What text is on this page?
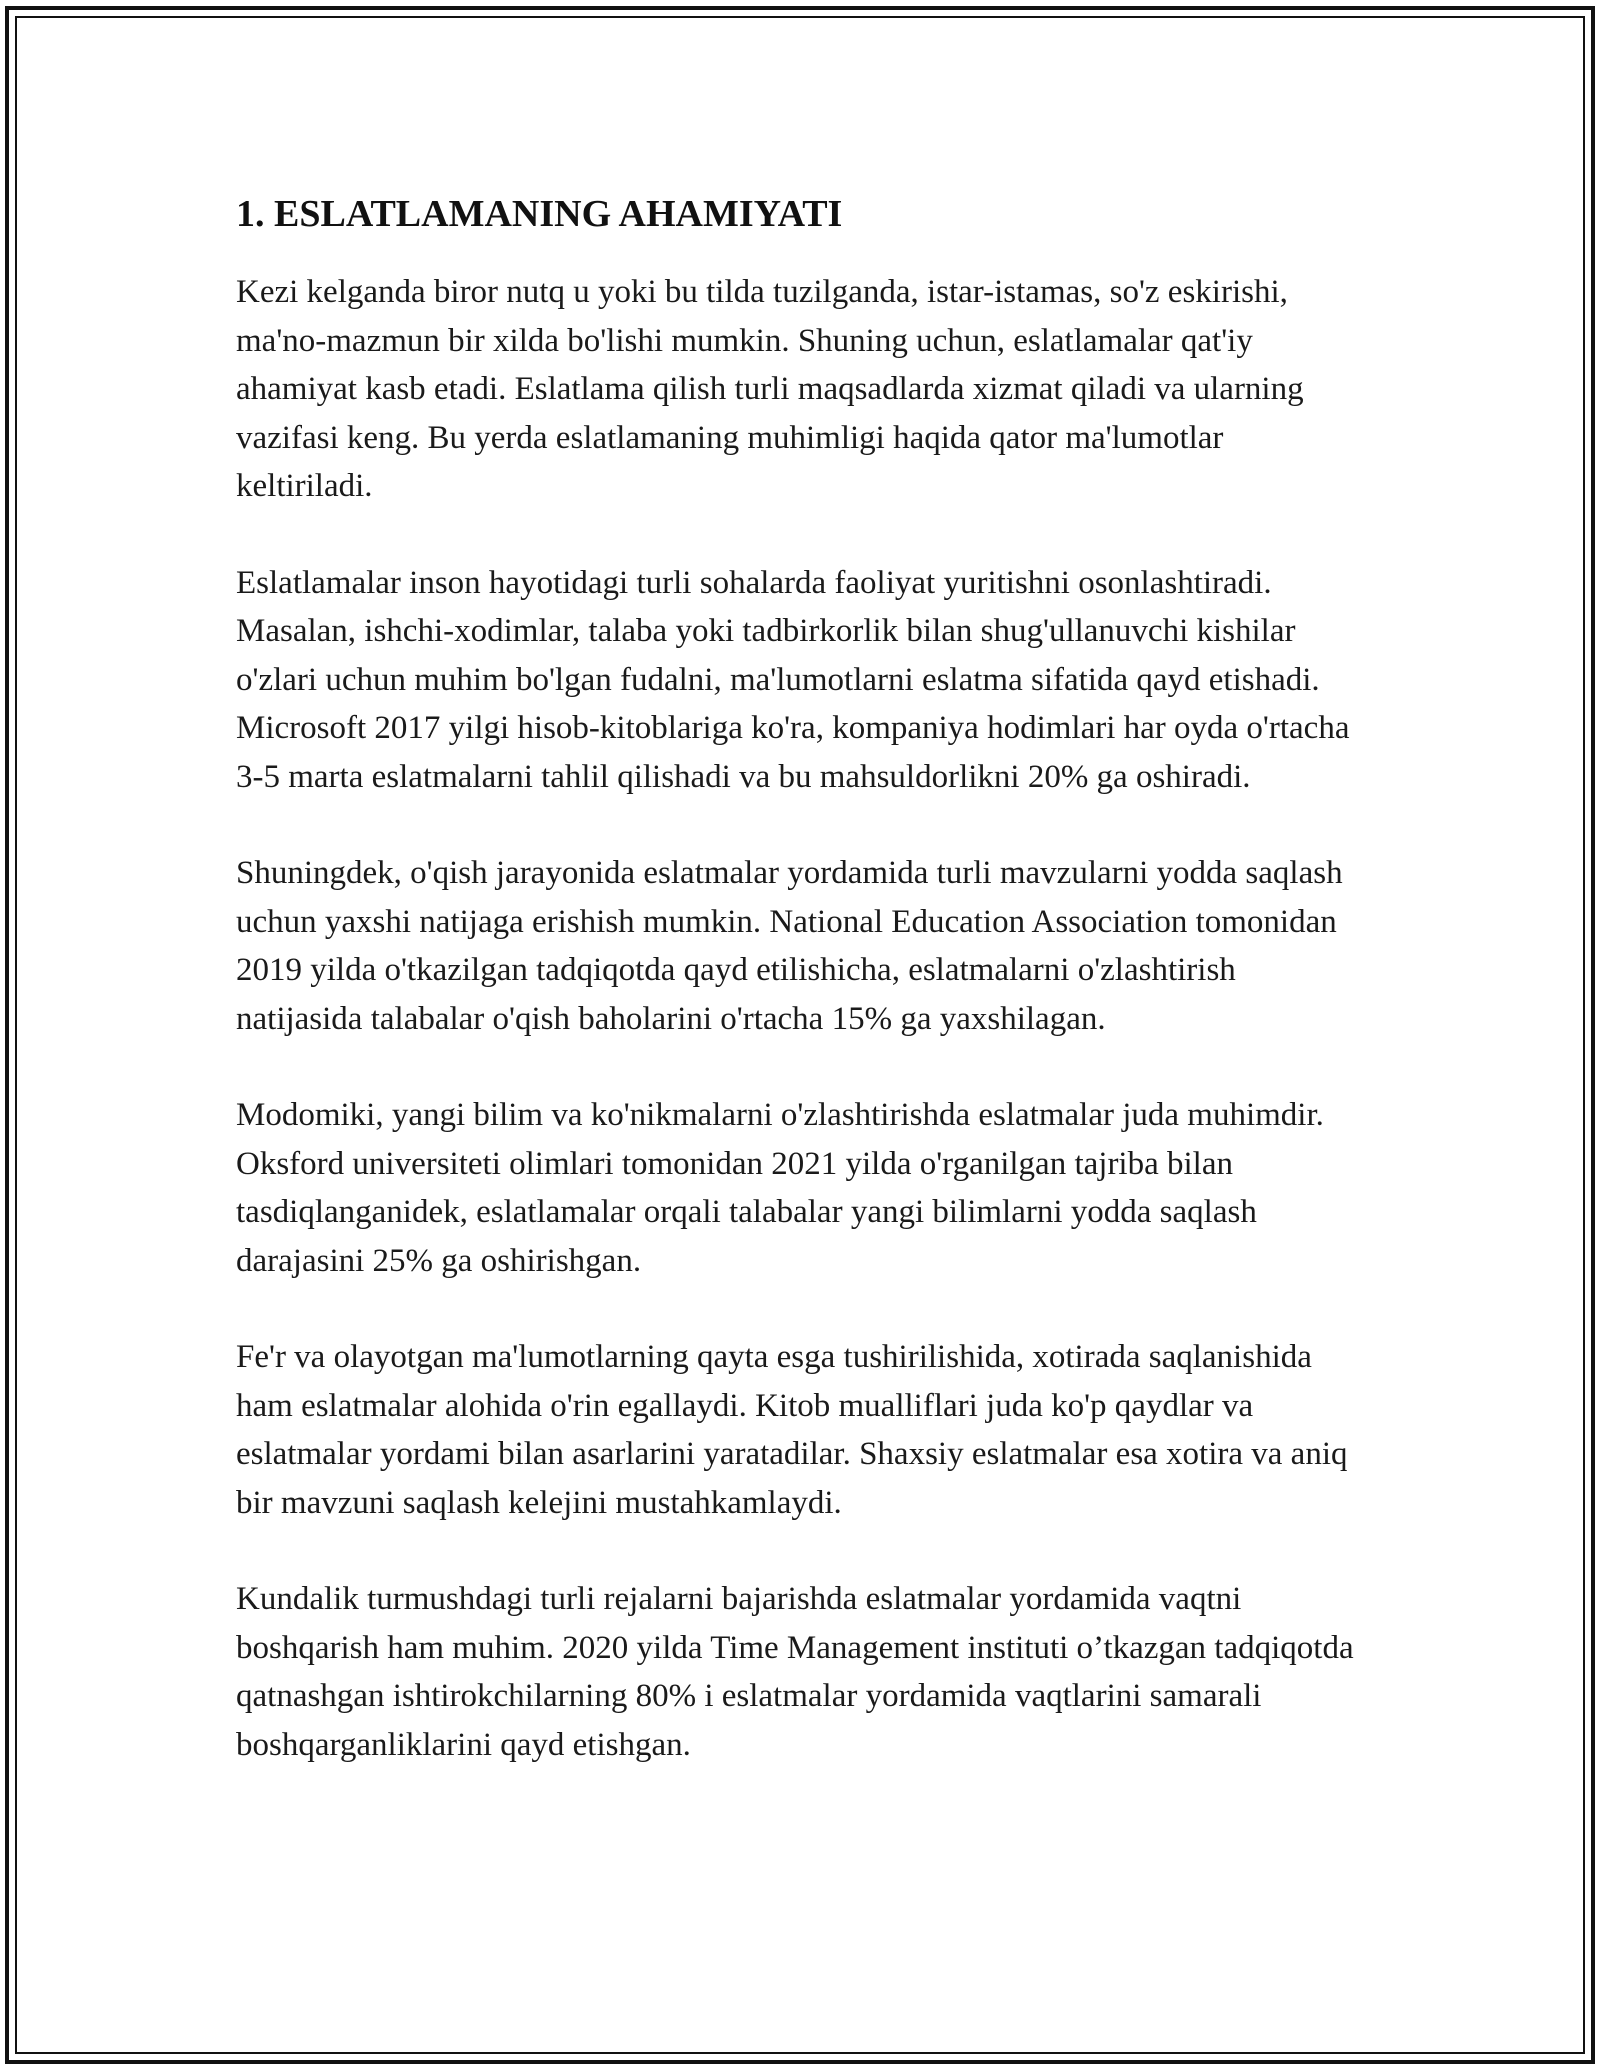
1. ESLATLAMANING AHAMIYATI

Kezi kelganda biror nutq u yoki bu tilda tuzilganda, istar-istamas, so'z eskirishi, ma'no-mazmun bir xilda bo'lishi mumkin. Shuning uchun, eslatlamalar qat'iy ahamiyat kasb etadi. Eslatlama qilish turli maqsadlarda xizmat qiladi va ularning vazifasi keng. Bu yerda eslatlamaning muhimligi haqida qator ma'lumotlar keltiriladi.

Eslatlamalar inson hayotidagi turli sohalarda faoliyat yuritishni osonlashtiradi. Masalan, ishchi-xodimlar, talaba yoki tadbirkorlik bilan shug'ullanuvchi kishilar o'zlari uchun muhim bo'lgan fudalni, ma'lumotlarni eslatma sifatida qayd etishadi. Microsoft 2017 yilgi hisob-kitoblariga ko'ra, kompaniya hodimlari har oyda o'rtacha 3-5 marta eslatmalarni tahlil qilishadi va bu mahsuldorlikni 20% ga oshiradi.

Shuningdek, o'qish jarayonida eslatmalar yordamida turli mavzularni yodda saqlash uchun yaxshi natijaga erishish mumkin. National Education Association tomonidan 2019 yilda o'tkazilgan tadqiqotda qayd etilishicha, eslatmalarni o'zlashtirish natijasida talabalar o'qish baholarini o'rtacha 15% ga yaxshilagan.

Modomiki, yangi bilim va ko'nikmalarni o'zlashtirishda eslatmalar juda muhimdir. Oksford universiteti olimlari tomonidan 2021 yilda o'rganilgan tajriba bilan tasdiqlanganidek, eslatlamalar orqali talabalar yangi bilimlarni yodda saqlash darajasini 25% ga oshirishgan.

Fe'r va olayotgan ma'lumotlarning qayta esga tushirilishida, xotirada saqlanishida ham eslatmalar alohida o'rin egallaydi. Kitob mualliflari juda ko'p qaydlar va eslatmalar yordami bilan asarlarini yaratadilar. Shaxsiy eslatmalar esa xotira va aniq bir mavzuni saqlash kelejini mustahkamlaydi.

Kundalik turmushdagi turli rejalarni bajarishda eslatmalar yordamida vaqtni boshqarish ham muhim. 2020 yilda Time Management instituti o’tkazgan tadqiqotda qatnashgan ishtirokchilarning 80% i eslatmalar yordamida vaqtlarini samarali boshqarganliklarini qayd etishgan.
